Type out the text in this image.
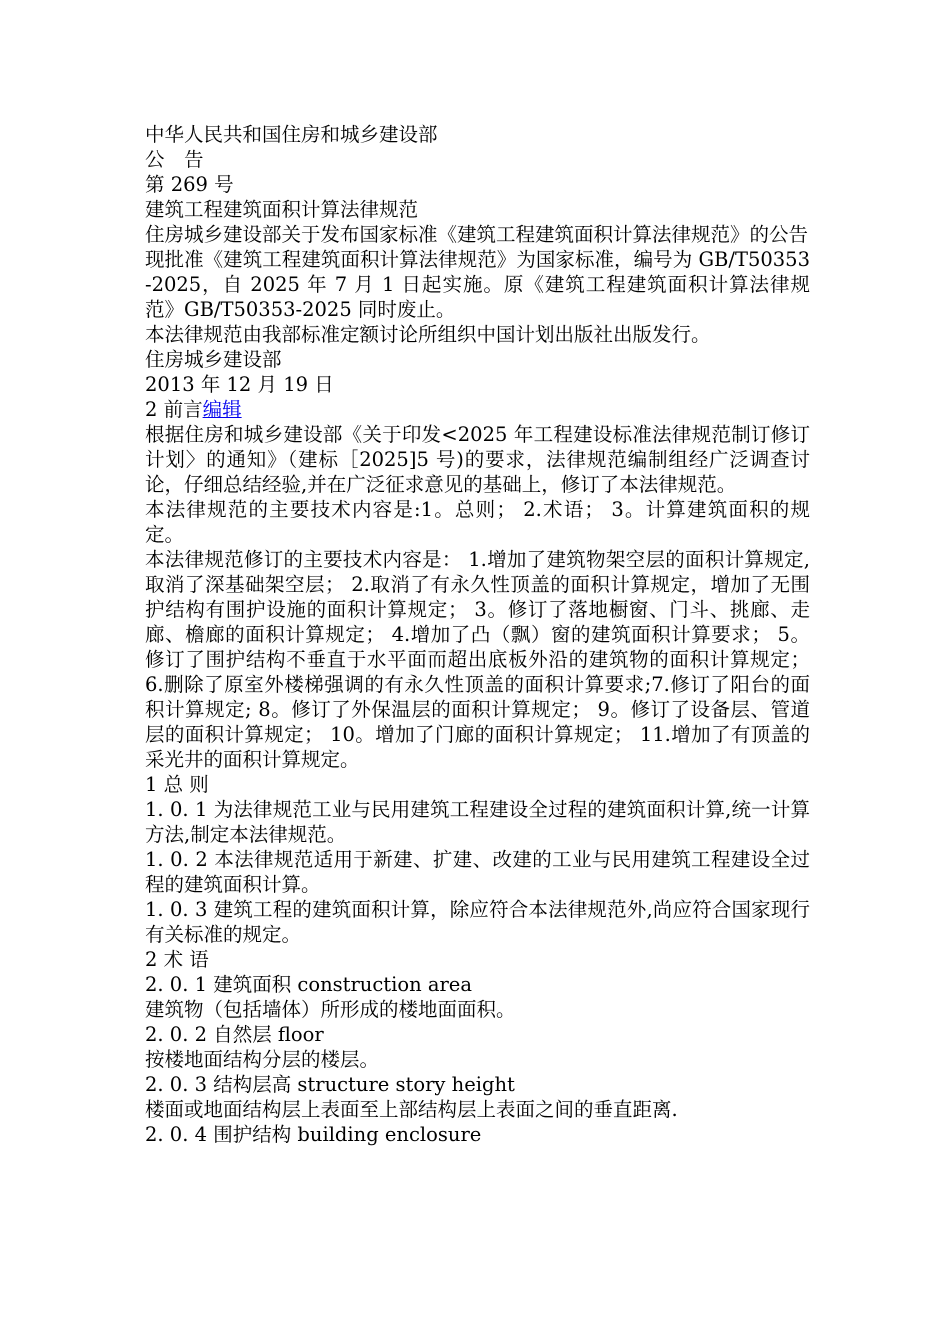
中华人民共和国住房和城乡建设部

公　告

第 269 号

建筑工程建筑面积计算法律规范

住房城乡建设部关于发布国家标准《建筑工程建筑面积计算法律规范》的公告

现批准《建筑工程建筑面积计算法律规范》为国家标准，编号为 GB/T50353-2025，自 2025 年 7 月 1 日起实施。原《建筑工程建筑面积计算法律规范》GB/T50353-2025 同时废止。

本法律规范由我部标准定额讨论所组织中国计划出版社出版发行。

住房城乡建设部

2013 年 12 月 19 日

2 前言编辑

根据住房和城乡建设部《关于印发<2025 年工程建设标准法律规范制订修订计划〉的通知》（建标［2025]5 号)的要求，法律规范编制组经广泛调查讨论，仔细总结经验,并在广泛征求意见的基础上，修订了本法律规范。

本法律规范的主要技术内容是:1。总则； 2.术语； 3。计算建筑面积的规定。

本法律规范修订的主要技术内容是： 1.增加了建筑物架空层的面积计算规定,取消了深基础架空层； 2.取消了有永久性顶盖的面积计算规定，增加了无围护结构有围护设施的面积计算规定； 3。修订了落地橱窗、门斗、挑廊、走廊、檐廊的面积计算规定； 4.增加了凸（飘）窗的建筑面积计算要求； 5。修订了围护结构不垂直于水平面而超出底板外沿的建筑物的面积计算规定； 6.删除了原室外楼梯强调的有永久性顶盖的面积计算要求;7.修订了阳台的面积计算规定; 8。修订了外保温层的面积计算规定； 9。修订了设备层、管道层的面积计算规定； 10。增加了门廊的面积计算规定； 11.增加了有顶盖的采光井的面积计算规定。

1 总 则

1. 0. 1 为法律规范工业与民用建筑工程建设全过程的建筑面积计算,统一计算方法,制定本法律规范。

1. 0. 2 本法律规范适用于新建、扩建、改建的工业与民用建筑工程建设全过程的建筑面积计算。

1. 0. 3 建筑工程的建筑面积计算，除应符合本法律规范外,尚应符合国家现行有关标准的规定。

2 术 语

2. 0. 1 建筑面积 construction area

建筑物（包括墙体）所形成的楼地面面积。

2. 0. 2 自然层 floor

按楼地面结构分层的楼层。

2. 0. 3 结构层高 structure story height

楼面或地面结构层上表面至上部结构层上表面之间的垂直距离.

2. 0. 4 围护结构 building enclosure
